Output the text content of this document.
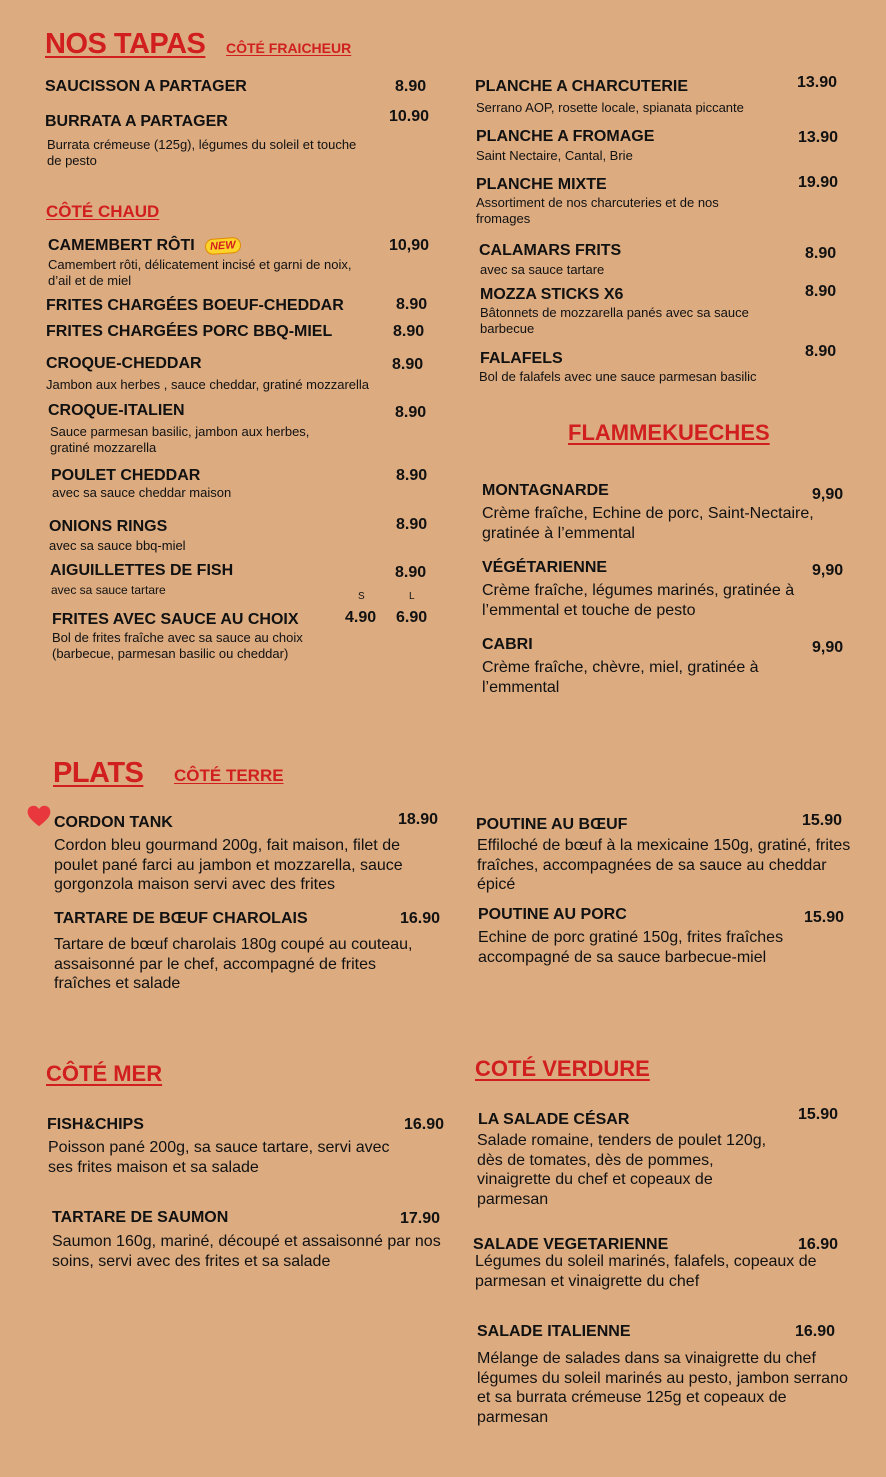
NOS TAPAS CÔTÉ FRAICHEUR
SAUCISSON A PARTAGER	8.90
BURRATA A PARTAGER	10.90
Burrata crémeuse (125g), légumes du soleil et touche de pesto
CÔTÉ CHAUD
CAMEMBERT RÔTI NEW	10,90
Camembert rôti, délicatement incisé et garni de noix, d’ail et de miel
FRITES CHARGÉES BOEUF-CHEDDAR	8.90
FRITES CHARGÉES PORC BBQ-MIEL	8.90
CROQUE-CHEDDAR	8.90
Jambon aux herbes , sauce cheddar, gratiné mozzarella
CROQUE-ITALIEN	8.90
Sauce parmesan basilic, jambon aux herbes, gratiné mozzarella
POULET CHEDDAR	8.90
avec sa sauce cheddar maison
ONIONS RINGS	8.90
avec sa sauce bbq-miel
AIGUILLETTES DE FISH	8.90
avec sa sauce tartare	S	L
FRITES AVEC SAUCE AU CHOIX	4.90 6.90
Bol de frites fraîche avec sa sauce au choix (barbecue, parmesan basilic ou cheddar)
PLANCHE A CHARCUTERIE	13.90
Serrano AOP, rosette locale, spianata piccante
PLANCHE A FROMAGE	13.90
Saint Nectaire, Cantal, Brie
PLANCHE MIXTE	19.90
Assortiment de nos charcuteries et de nos fromages
CALAMARS FRITS	8.90
avec sa sauce tartare
MOZZA STICKS X6	8.90
Bâtonnets de mozzarella panés avec sa sauce barbecue
FALAFELS	8.90
Bol de falafels avec une sauce parmesan basilic
FLAMMEKUECHES
MONTAGNARDE	9,90
Crème fraîche, Echine de porc, Saint-Nectaire, gratinée à l’emmental
VÉGÉTARIENNE	9,90
Crème fraîche, légumes marinés, gratinée à l’emmental et touche de pesto
CABRI	9,90
Crème fraîche, chèvre, miel, gratinée à l’emmental
PLATS CÔTÉ TERRE
CORDON TANK	18.90
Cordon bleu gourmand 200g, fait maison, filet de poulet pané farci au jambon et mozzarella, sauce gorgonzola maison servi avec des frites
TARTARE DE BŒUF CHAROLAIS	16.90
Tartare de bœuf charolais 180g coupé au couteau, assaisonné par le chef, accompagné de frites fraîches et salade
POUTINE AU BŒUF	15.90
Effiloché de bœuf à la mexicaine 150g, gratiné, frites fraîches, accompagnées de sa sauce au cheddar épicé
POUTINE AU PORC	15.90
Echine de porc gratiné 150g, frites fraîches accompagné de sa sauce barbecue-miel
CÔTÉ MER
FISH&CHIPS	16.90
Poisson pané 200g, sa sauce tartare, servi avec ses frites maison et sa salade
TARTARE DE SAUMON	17.90
Saumon 160g, mariné, découpé et assaisonné par nos soins, servi avec des frites et sa salade
COTÉ VERDURE
LA SALADE CÉSAR	15.90
Salade romaine, tenders de poulet 120g, dès de tomates, dès de pommes, vinaigrette du chef et copeaux de parmesan
SALADE VEGETARIENNE	16.90
Légumes du soleil marinés, falafels, copeaux de parmesan et vinaigrette du chef
SALADE ITALIENNE	16.90
Mélange de salades dans sa vinaigrette du chef légumes du soleil marinés au pesto, jambon serrano et sa burrata crémeuse 125g et copeaux de parmesan
